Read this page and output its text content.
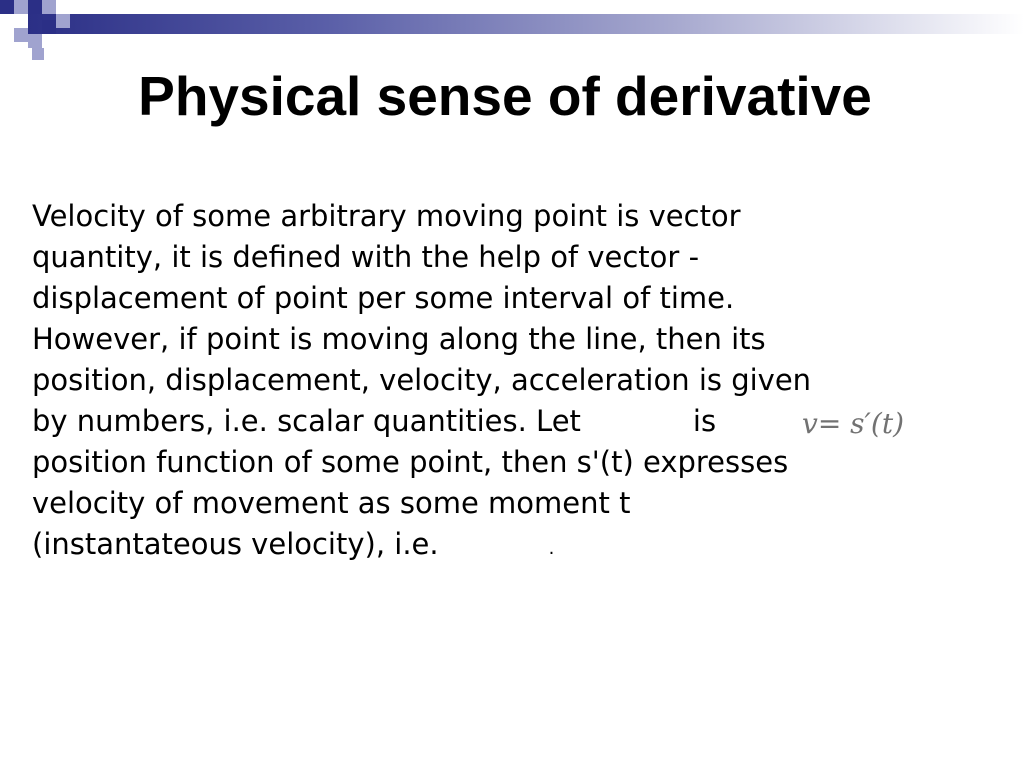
Physical sense of derivative
Velocity of some arbitrary moving point is vector
quantity, it is defined with the help of vector -
displacement of point per some interval of time.
However, if point is moving along the line, then its
position, displacement, velocity, acceleration is given
by numbers, i.e. scalar quantities. Let	is
position function of some point, then s'(t) expresses
velocity of movement as some moment t
(instantateous velocity), i.e.	.
v= s′(t)
